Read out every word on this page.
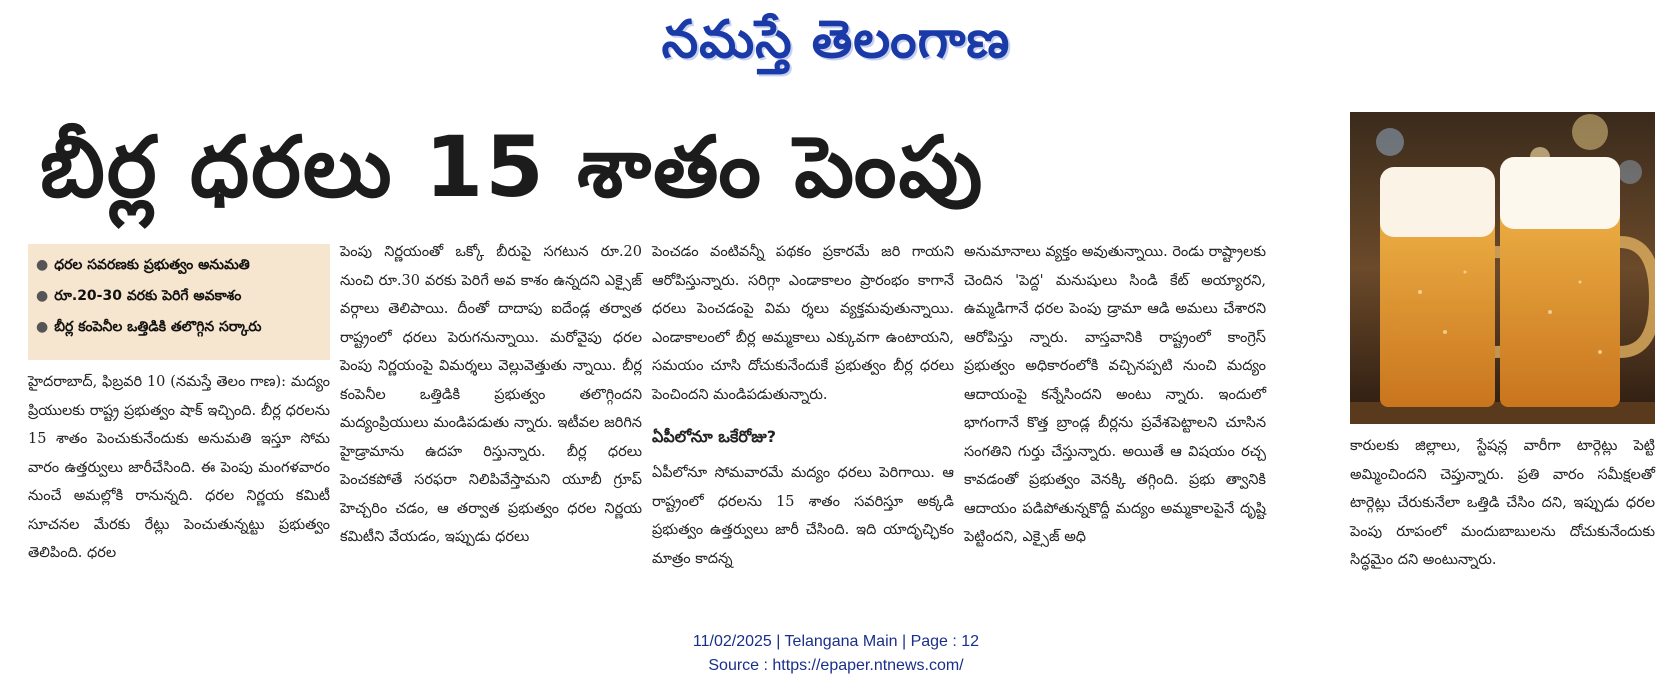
నమస్తే తెలంగాణ
బీర్ల ధరలు 15 శాతం పెంపు
● ధరల సవరణకు ప్రభుత్వం అనుమతి
● రూ.20-30 వరకు పెరిగే అవకాశం
● బీర్ల కంపెనీల ఒత్తిడికి తలొగ్గిన సర్కారు

హైదరాబాద్, ఫిబ్రవరి 10 (నమస్తే తెలం గాణ): మద్యం ప్రియులకు రాష్ట్ర ప్రభుత్వం షాక్ ఇచ్చింది. బీర్ల ధరలను 15 శాతం పెంచుకునేందుకు అనుమతి ఇస్తూ సోమ వారం ఉత్తర్వులు జారీచేసింది. ఈ పెంపు మంగళవారం నుంచే అమల్లోకి రానున్నది. ధరల నిర్ణయ కమిటీ సూచనల మేరకు రేట్లు పెంచుతున్నట్టు ప్రభుత్వం తెలిపింది. ధరల

పెంపు నిర్ణయంతో ఒక్కో బీరుపై సగటున రూ.20 నుంచి రూ.30 వరకు పెరిగే అవ కాశం ఉన్నదని ఎక్సైజ్ వర్గాలు తెలిపాయి. దీంతో దాదాపు ఐదేండ్ల తర్వాత రాష్ట్రంలో ధరలు పెరుగనున్నాయి. మరోవైపు ధరల పెంపు నిర్ణయంపై విమర్శలు వెల్లువెత్తుతు న్నాయి. బీర్ల కంపెనీల ఒత్తిడికి ప్రభుత్వం తలొగ్గిందని మద్యంప్రియులు మండిపడుతు న్నారు. ఇటీవల జరిగిన హైడ్రామాను ఉదహ రిస్తున్నారు. బీర్ల ధరలు పెంచకపోతే సరఫరా నిలిపివేస్తామని యూబీ గ్రూప్ హెచ్చరిం చడం, ఆ తర్వాత ప్రభుత్వం ధరల నిర్ణయ కమిటీని వేయడం, ఇప్పుడు ధరలు

పెంచడం వంటివన్నీ పథకం ప్రకారమే జరి గాయని ఆరోపిస్తున్నారు. సరిగ్గా ఎండాకాలం ప్రారంభం కాగానే ధరలు పెంచడంపై విమ ర్శలు వ్యక్తమవుతున్నాయి. ఎండాకాలంలో బీర్ల అమ్మకాలు ఎక్కువగా ఉంటాయని, సమయం చూసి దోచుకునేందుకే ప్రభుత్వం బీర్ల ధరలు పెంచిందని మండిపడుతున్నారు.

ఏపీలోనూ ఒకేరోజు?

ఏపీలోనూ సోమవారమే మద్యం ధరలు పెరిగాయి. ఆ రాష్ట్రంలో ధరలను 15 శాతం సవరిస్తూ అక్కడి ప్రభుత్వం ఉత్తర్వులు జారీ చేసింది. ఇది యాదృచ్ఛికం మాత్రం కాదన్న

అనుమానాలు వ్యక్తం అవుతున్నాయి. రెండు రాష్ట్రాలకు చెందిన 'పెద్ద' మనుషులు సిండి కేట్ అయ్యారని, ఉమ్మడిగానే ధరల పెంపు డ్రామా ఆడి అమలు చేశారని ఆరోపిస్తు న్నారు. వాస్తవానికి రాష్ట్రంలో కాంగ్రెస్ ప్రభుత్వం అధికారంలోకి వచ్చినప్పటి నుంచి మద్యం ఆదాయంపై కన్నేసిందని అంటు న్నారు. ఇందులో భాగంగానే కొత్త బ్రాండ్ల బీర్లను ప్రవేశపెట్టాలని చూసిన సంగతిని గుర్తు చేస్తున్నారు. అయితే ఆ విషయం రచ్చ కావడంతో ప్రభుత్వం వెనక్కి తగ్గింది. ప్రభు త్వానికి ఆదాయం పడిపోతున్నకొద్దీ మద్యం అమ్మకాలపైనే దృష్టి పెట్టిందని, ఎక్సైజ్ అధి

కారులకు జిల్లాలు, స్టేషన్ల వారీగా టార్గెట్లు పెట్టి అమ్మించిందని చెప్తున్నారు. ప్రతి వారం సమీక్షలతో టార్గెట్లు చేరుకునేలా ఒత్తిడి చేసిం దని, ఇప్పుడు ధరల పెంపు రూపంలో మందుబాబులను దోచుకునేందుకు సిద్ధమైం దని అంటున్నారు.

11/02/2025 | Telangana Main | Page : 12
Source : https://epaper.ntnews.com/
